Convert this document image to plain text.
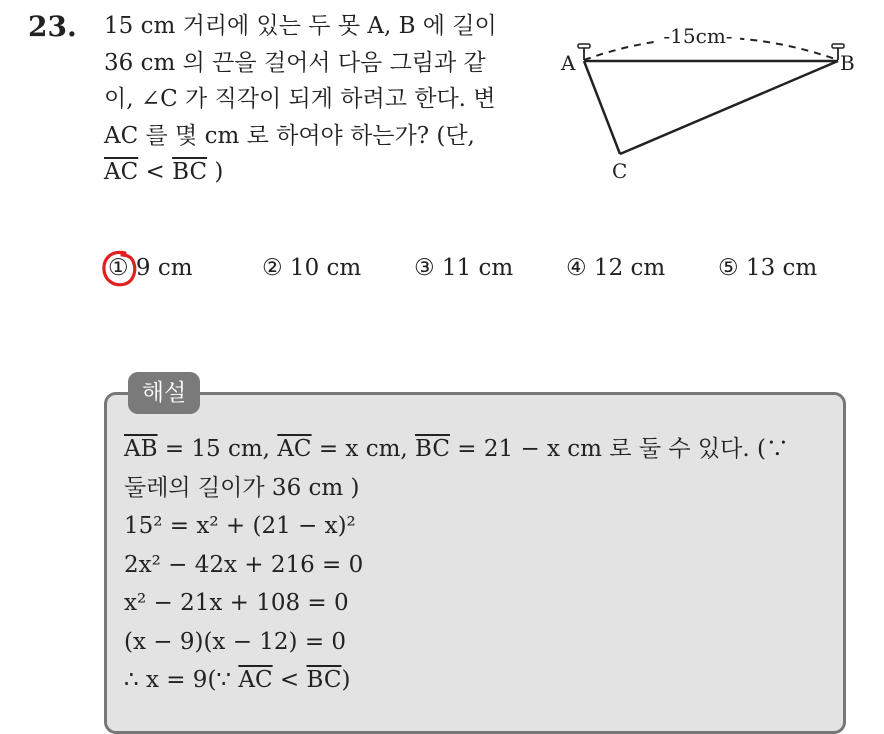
23. 15 cm 거리에 있는 두 못 A, B 에 길이
36 cm 의 끈을 걸어서 다음 그림과 같
이, ∠C 가 직각이 되게 하려고 한다. 변
AC 를 몇 cm 로 하여야 하는가? (단,
$\overline{AC} < \overline{BC}$ )
-15cm-
A	B
C
① 9 cm	② 10 cm ③ 11 cm ④ 12 cm ⑤ 13 cm
해설
$\overline{AB} = 15$ cm, $\overline{AC} = x$ cm, $\overline{BC} = 21 - x$ cm 로 둘 수 있다. (∵
둘레의 길이가 36 cm )
15² = x² + (21 − x)²
2x² − 42x + 216 = 0
x² − 21x + 108 = 0
(x − 9)(x − 12) = 0
∴ x = 9(∵ $\overline{AC} < \overline{BC}$)
